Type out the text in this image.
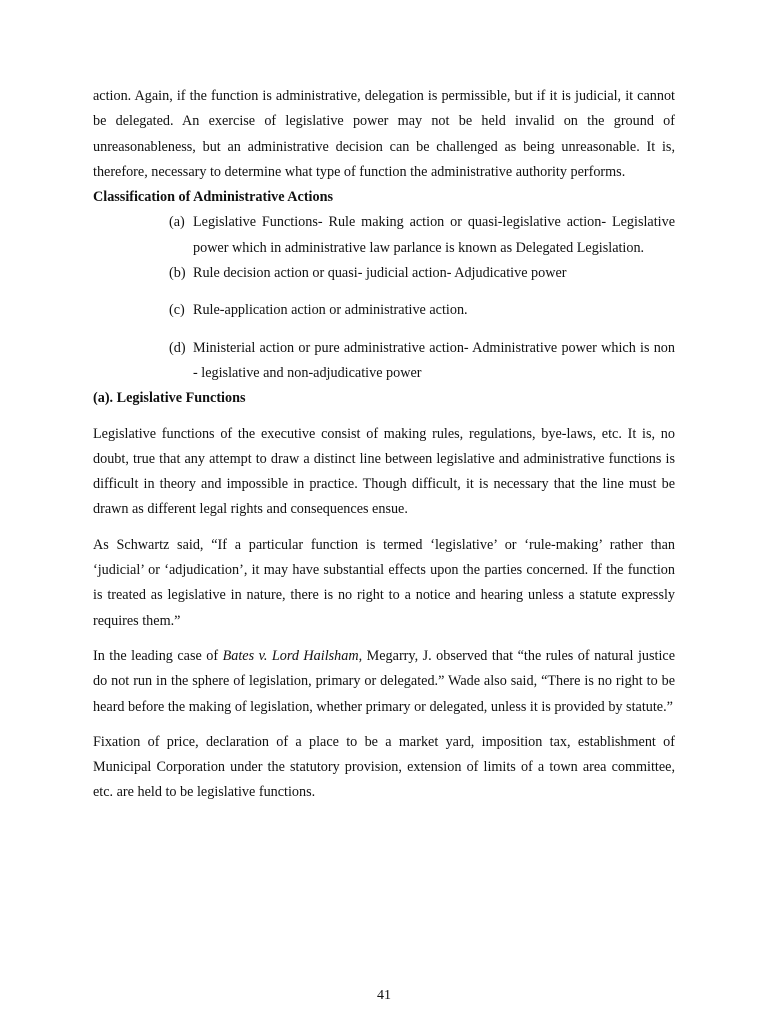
action. Again, if the function is administrative, delegation is permissible, but if it is judicial, it cannot be delegated. An exercise of legislative power may not be held invalid on the ground of unreasonableness, but an administrative decision can be challenged as being unreasonable. It is, therefore, necessary to determine what type of function the administrative authority performs.

Classification of Administrative Actions

(a) Legislative Functions- Rule making action or quasi-legislative action- Legislative power which in administrative law parlance is known as Delegated Legislation.
(b) Rule decision action or quasi- judicial action- Adjudicative power
(c) Rule-application action or administrative action.
(d) Ministerial action or pure administrative action- Administrative power which is non - legislative and non-adjudicative power

(a). Legislative Functions

Legislative functions of the executive consist of making rules, regulations, bye-laws, etc. It is, no doubt, true that any attempt to draw a distinct line between legislative and administrative functions is difficult in theory and impossible in practice. Though difficult, it is necessary that the line must be drawn as different legal rights and consequences ensue.

As Schwartz said, “If a particular function is termed ‘legislative’ or ‘rule-making’ rather than ‘judicial’ or ‘adjudication’, it may have substantial effects upon the parties concerned. If the function is treated as legislative in nature, there is no right to a notice and hearing unless a statute expressly requires them.”

In the leading case of Bates v. Lord Hailsham, Megarry, J. observed that “the rules of natural justice do not run in the sphere of legislation, primary or delegated.” Wade also said, “There is no right to be heard before the making of legislation, whether primary or delegated, unless it is provided by statute.”

Fixation of price, declaration of a place to be a market yard, imposition tax, establishment of Municipal Corporation under the statutory provision, extension of limits of a town area committee, etc. are held to be legislative functions.

41
